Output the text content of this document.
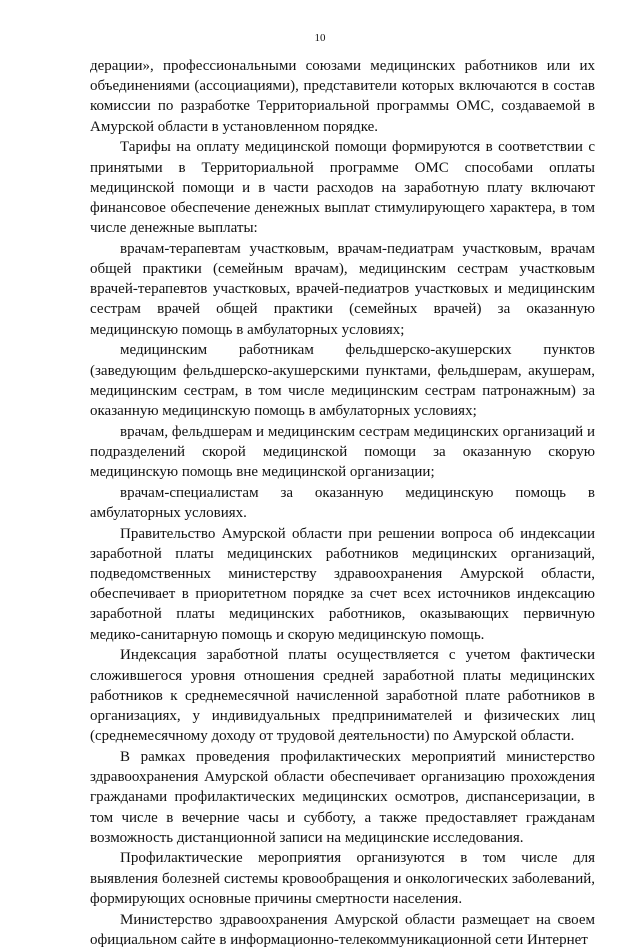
10

дерации», профессиональными союзами медицинских работников или их объединениями (ассоциациями), представители которых включаются в состав комиссии по разработке Территориальной программы ОМС, создаваемой в Амурской области в установленном порядке.

Тарифы на оплату медицинской помощи формируются в соответствии с принятыми в Территориальной программе ОМС способами оплаты медицинской помощи и в части расходов на заработную плату включают финансовое обеспечение денежных выплат стимулирующего характера, в том числе денежные выплаты:

врачам-терапевтам участковым, врачам-педиатрам участковым, врачам общей практики (семейным врачам), медицинским сестрам участковым врачей-терапевтов участковых, врачей-педиатров участковых и медицинским сестрам врачей общей практики (семейных врачей) за оказанную медицинскую помощь в амбулаторных условиях;

медицинским работникам фельдшерско-акушерских пунктов (заведующим фельдшерско-акушерскими пунктами, фельдшерам, акушерам, медицинским сестрам, в том числе медицинским сестрам патронажным) за оказанную медицинскую помощь в амбулаторных условиях;

врачам, фельдшерам и медицинским сестрам медицинских организаций и подразделений скорой медицинской помощи за оказанную скорую медицинскую помощь вне медицинской организации;

врачам-специалистам за оказанную медицинскую помощь в амбулаторных условиях.

Правительство Амурской области при решении вопроса об индексации заработной платы медицинских работников медицинских организаций, подведомственных министерству здравоохранения Амурской области, обеспечивает в приоритетном порядке за счет всех источников индексацию заработной платы медицинских работников, оказывающих первичную медико-санитарную помощь и скорую медицинскую помощь.

Индексация заработной платы осуществляется с учетом фактически сложившегося уровня отношения средней заработной платы медицинских работников к среднемесячной начисленной заработной плате работников в организациях, у индивидуальных предпринимателей и физических лиц (среднемесячному доходу от трудовой деятельности) по Амурской области.

В рамках проведения профилактических мероприятий министерство здравоохранения Амурской области обеспечивает организацию прохождения гражданами профилактических медицинских осмотров, диспансеризации, в том числе в вечерние часы и субботу, а также предоставляет гражданам возможность дистанционной записи на медицинские исследования.

Профилактические мероприятия организуются в том числе для выявления болезней системы кровообращения и онкологических заболеваний, формирующих основные причины смертности населения.

Министерство здравоохранения Амурской области размещает на своем официальном сайте в информационно-телекоммуникационной сети Интернет
